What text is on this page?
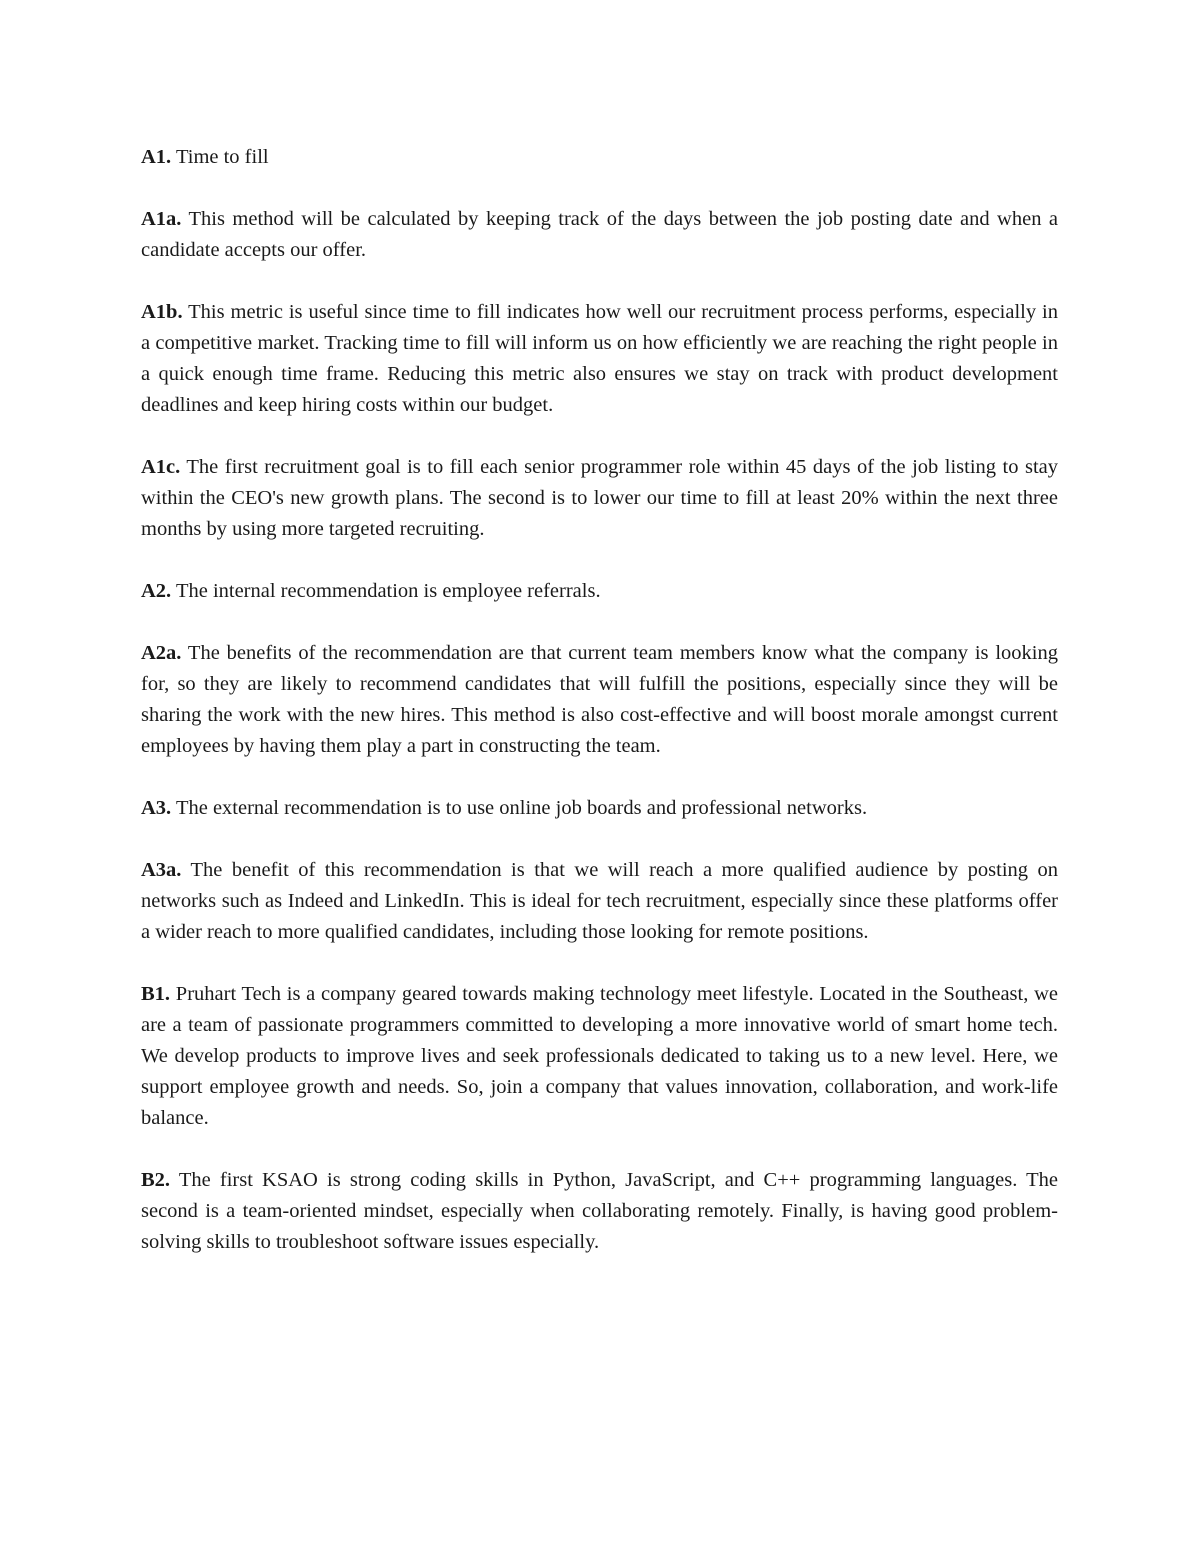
A1. Time to fill

A1a. This method will be calculated by keeping track of the days between the job posting date and when a candidate accepts our offer.

A1b. This metric is useful since time to fill indicates how well our recruitment process performs, especially in a competitive market. Tracking time to fill will inform us on how efficiently we are reaching the right people in a quick enough time frame. Reducing this metric also ensures we stay on track with product development deadlines and keep hiring costs within our budget.

A1c. The first recruitment goal is to fill each senior programmer role within 45 days of the job listing to stay within the CEO's new growth plans. The second is to lower our time to fill at least 20% within the next three months by using more targeted recruiting.

A2. The internal recommendation is employee referrals.

A2a. The benefits of the recommendation are that current team members know what the company is looking for, so they are likely to recommend candidates that will fulfill the positions, especially since they will be sharing the work with the new hires. This method is also cost-effective and will boost morale amongst current employees by having them play a part in constructing the team.

A3. The external recommendation is to use online job boards and professional networks.

A3a. The benefit of this recommendation is that we will reach a more qualified audience by posting on networks such as Indeed and LinkedIn. This is ideal for tech recruitment, especially since these platforms offer a wider reach to more qualified candidates, including those looking for remote positions.

B1. Pruhart Tech is a company geared towards making technology meet lifestyle. Located in the Southeast, we are a team of passionate programmers committed to developing a more innovative world of smart home tech. We develop products to improve lives and seek professionals dedicated to taking us to a new level. Here, we support employee growth and needs. So, join a company that values innovation, collaboration, and work-life balance.

B2. The first KSAO is strong coding skills in Python, JavaScript, and C++ programming languages. The second is a team-oriented mindset, especially when collaborating remotely. Finally, is having good problem-solving skills to troubleshoot software issues especially.
